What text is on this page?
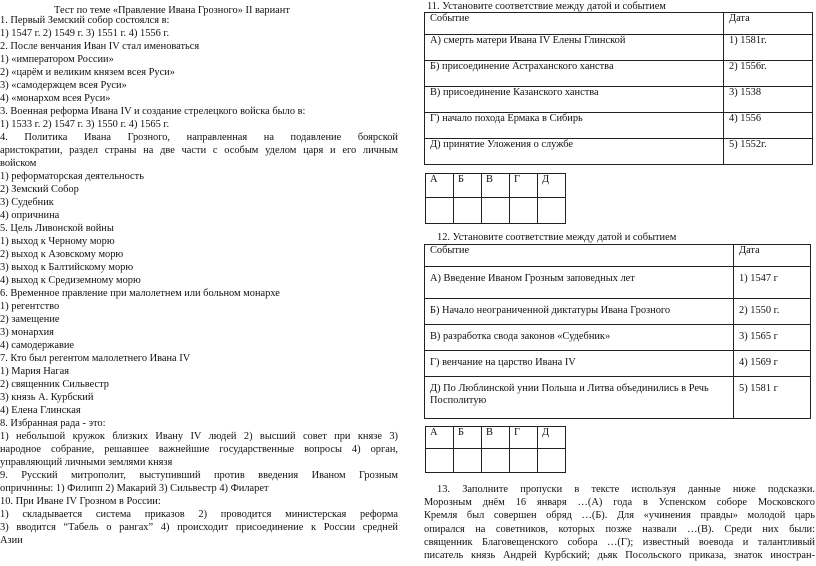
Тест по теме «Правление Ивана Грозного» II вариант
1. Первый Земский собор состоялся в:
1) 1547 г. 2) 1549 г. 3) 1551 г. 4) 1556 г.
2. После венчания Иван IV стал именоваться
1) «императором России»
2) «царём и великим князем всея Руси»
3) «самодержцем всея Руси»
4) «монархом всея Руси»
3. Военная реформа Ивана IV и создание стрелецкого войска было в:
1) 1533 г. 2) 1547 г. 3) 1550 г. 4) 1565 г.
4. Политика Ивана Грозного, направленная на подавление боярской
аристократии, раздел страны на две части с особым уделом царя и его личным
войском
1) реформаторская деятельность
2) Земский Собор
3) Судебник
4) опричнина
5. Цель Ливонской войны
1) выход к Черному морю
2) выход к Азовскому морю
3) выход к Балтийскому морю
4) выход к Средиземному морю
6. Временное правление при малолетнем или больном монархе
1) регентство
2) замещение
3) монархия
4) самодержавие
7. Кто был регентом малолетнего Ивана IV
1) Мария Нагая
2) священник Сильвестр
3) князь А. Курбский
4) Елена Глинская
8. Избранная рада - это:
1) небольшой кружок близких Ивану IV людей 2) высший совет при князе 3)
народное собрание, решавшее важнейшие государственные вопросы 4) орган,
управляющий личными землями князя
9. Русский митрополит, выступивший против введения Иваном Грозным
опричнины: 1) Филипп 2) Макарий 3) Сильвестр 4) Филарет
10. При Иване IV Грозном в России:
1) складывается система приказов 2) проводится министерская реформа
3) вводится “Табель о рангах” 4) происходит присоединение к России средней
Азии
11. Установите соответствие между датой и событием
Событие	Дата
А) смерть матери Ивана IV Елены Глинской	1) 1581г.
Б) присоединение Астраханского ханства	2) 1556г.
В) присоединение Казанского ханства	3) 1538
Г) начало похода Ермака в Сибирь	4) 1556
Д) принятие Уложения о службе	5) 1552г.
А	Б	В	Г	Д

12. Установите соответствие между датой и событием
Событие	Дата
А) Введение Иваном Грозным заповедных лет	1) 1547 г
Б) Начало неограниченной диктатуры Ивана Грозного	2) 1550 г.
В) разработка свода законов «Судебник»	3) 1565 г
Г) венчание на царство Ивана IV	4) 1569 г
Д) По Люблинской унии Польша и Литва объединились в Речь Посполитую	5) 1581 г
А	Б	В	Г	Д

13. Заполните пропуски в тексте используя данные ниже подсказки.
Морозным днём 16 января …(А) года в Успенском соборе Московского
Кремля был совершен обряд …(Б). Для «учинения правды» молодой царь
опирался на советников, которых позже назвали …(В). Среди них были:
священник Благовещенского собора …(Г); известный воевода и талантливый
писатель князь Андрей Курбский; дьяк Посольского приказа, знаток иностран-
